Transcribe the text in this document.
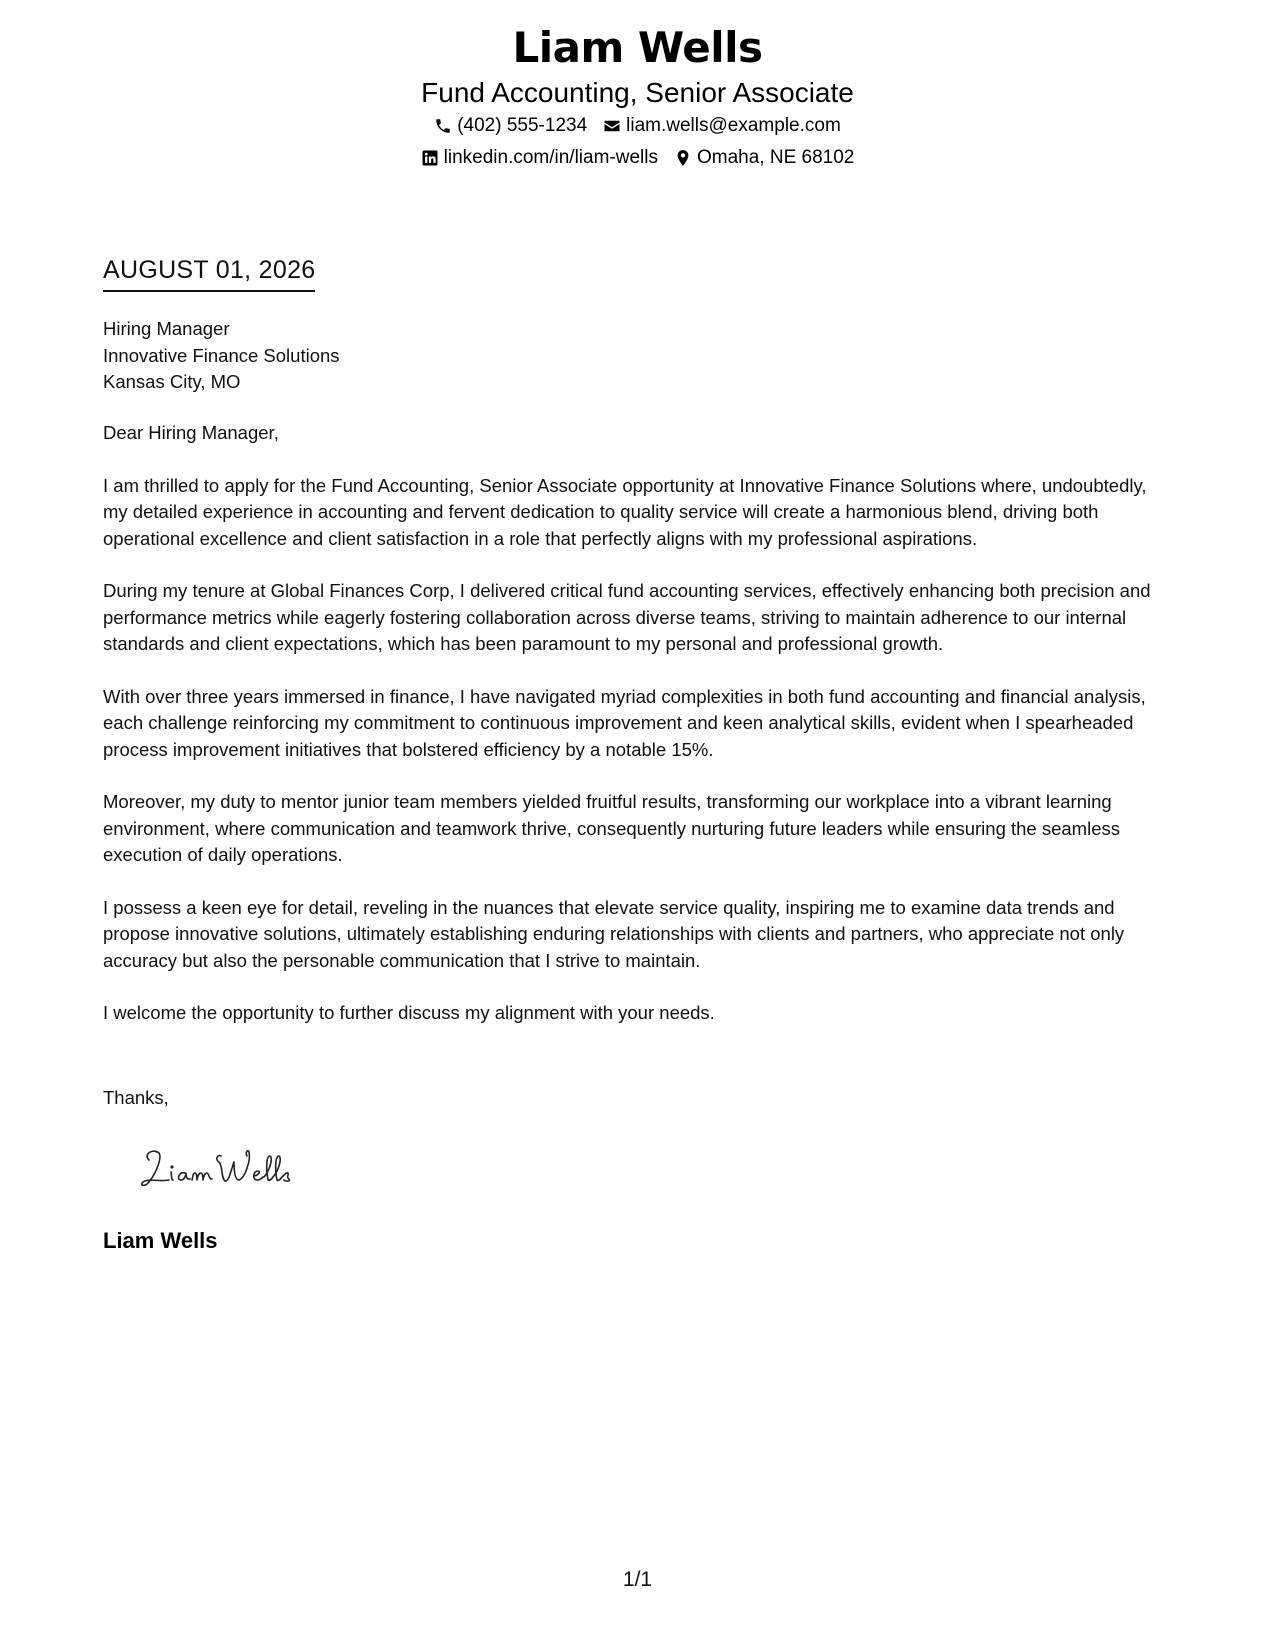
Liam Wells
Fund Accounting, Senior Associate
(402) 555-1234 liam.wells@example.com
linkedin.com/in/liam-wells Omaha, NE 68102
AUGUST 01, 2026
Hiring Manager
Innovative Finance Solutions
Kansas City, MO

Dear Hiring Manager,

I am thrilled to apply for the Fund Accounting, Senior Associate opportunity at Innovative Finance Solutions where, undoubtedly, my detailed experience in accounting and fervent dedication to quality service will create a harmonious blend, driving both operational excellence and client satisfaction in a role that perfectly aligns with my professional aspirations.

During my tenure at Global Finances Corp, I delivered critical fund accounting services, effectively enhancing both precision and performance metrics while eagerly fostering collaboration across diverse teams, striving to maintain adherence to our internal standards and client expectations, which has been paramount to my personal and professional growth.

With over three years immersed in finance, I have navigated myriad complexities in both fund accounting and financial analysis, each challenge reinforcing my commitment to continuous improvement and keen analytical skills, evident when I spearheaded process improvement initiatives that bolstered efficiency by a notable 15%.

Moreover, my duty to mentor junior team members yielded fruitful results, transforming our workplace into a vibrant learning environment, where communication and teamwork thrive, consequently nurturing future leaders while ensuring the seamless execution of daily operations.

I possess a keen eye for detail, reveling in the nuances that elevate service quality, inspiring me to examine data trends and propose innovative solutions, ultimately establishing enduring relationships with clients and partners, who appreciate not only accuracy but also the personable communication that I strive to maintain.

I welcome the opportunity to further discuss my alignment with your needs.

Thanks,
Liam Wells
1/1
